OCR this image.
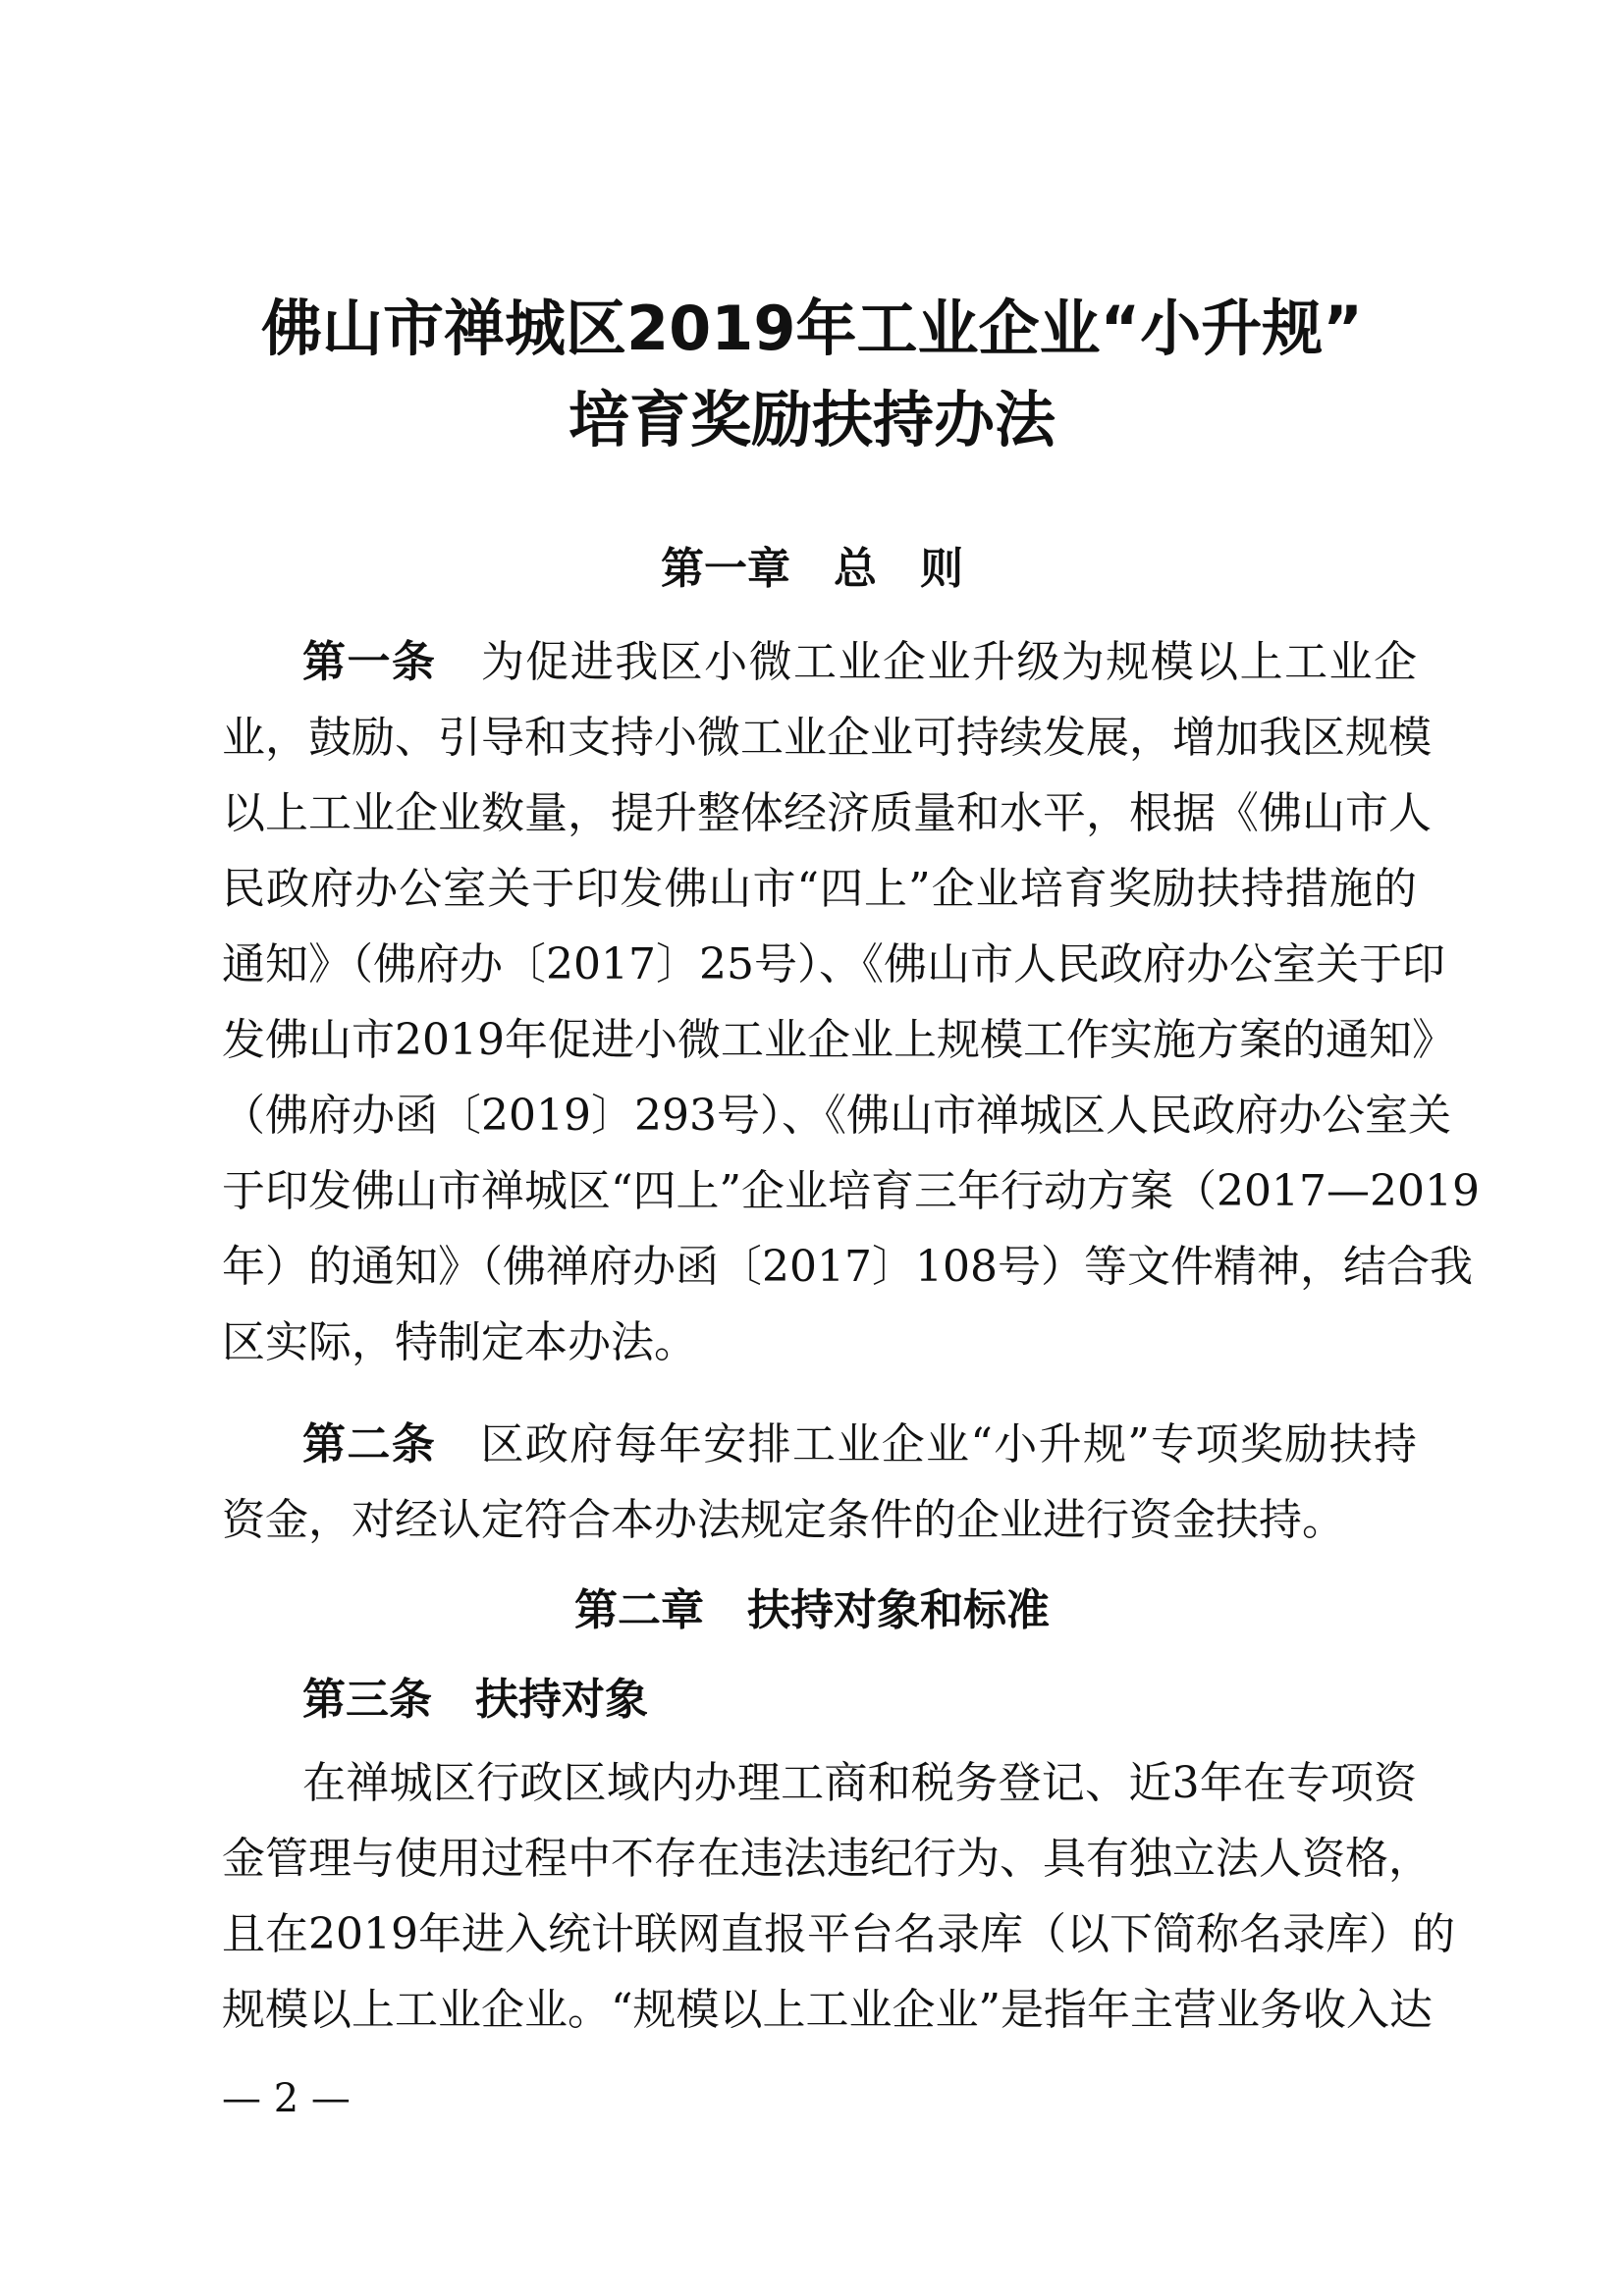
佛山市禅城区2019年工业企业“小升规”
培育奖励扶持办法
第一章　总　则
第一条 为促进我区小微工业企业升级为规模以上工业企
业，鼓励、引导和支持小微工业企业可持续发展，增加我区规模
以上工业企业数量，提升整体经济质量和水平，根据《佛山市人
民政府办公室关于印发佛山市“四上”企业培育奖励扶持措施的
通知》（佛府办〔2017〕25号）、《佛山市人民政府办公室关于印
发佛山市2019年促进小微工业企业上规模工作实施方案的通知》
（佛府办函〔2019〕293号）、《佛山市禅城区人民政府办公室关
于印发佛山市禅城区“四上”企业培育三年行动方案（2017—2019
年）的通知》（佛禅府办函〔2017〕108号）等文件精神，结合我
区实际，特制定本办法。
第二条 区政府每年安排工业企业“小升规”专项奖励扶持
资金，对经认定符合本办法规定条件的企业进行资金扶持。
第二章　扶持对象和标准
第三条 扶持对象
在禅城区行政区域内办理工商和税务登记、近3年在专项资
金管理与使用过程中不存在违法违纪行为、具有独立法人资格，
且在2019年进入统计联网直报平台名录库（以下简称名录库）的
规模以上工业企业。“规模以上工业企业”是指年主营业务收入达
— 2 —
